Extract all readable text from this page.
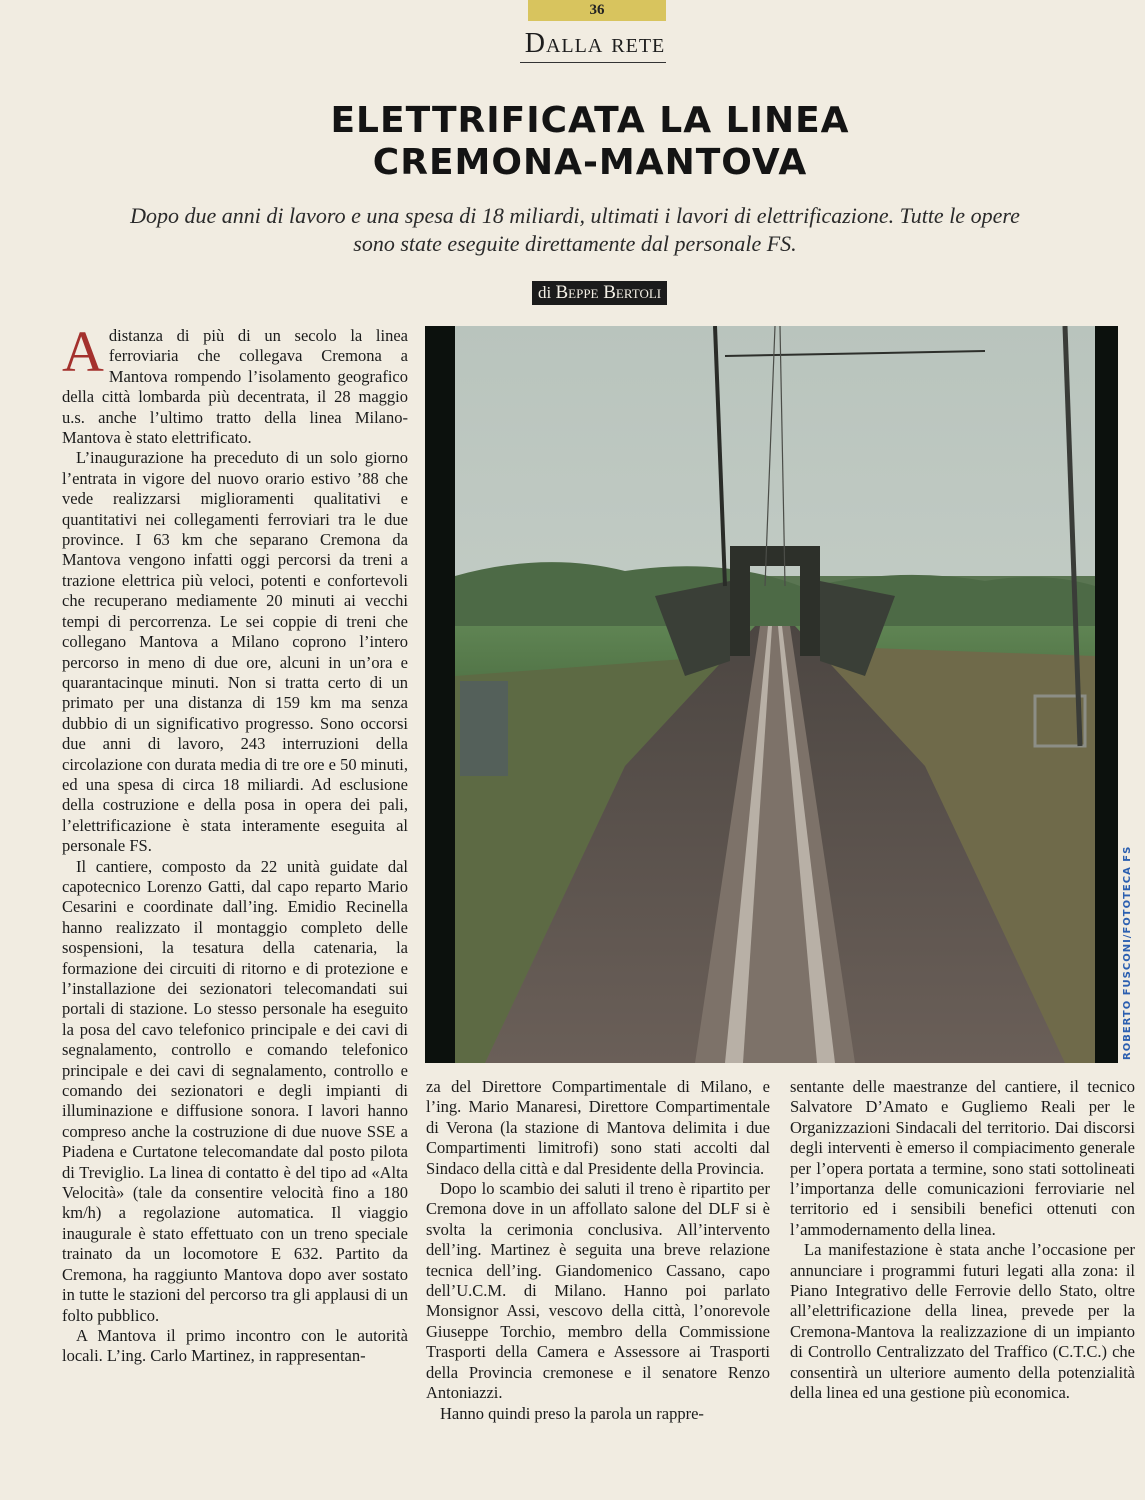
36
Dalla rete
ELETTRIFICATA LA LINEA
CREMONA-MANTOVA
Dopo due anni di lavoro e una spesa di 18 miliardi, ultimati i lavori di elettrificazione. Tutte le opere sono state eseguite direttamente dal personale FS.
di Beppe Bertoli

Adistanza di più di un secolo la linea ferroviaria che collegava Cremona a Mantova rompendo l’isolamento geografico della città lombarda più decentrata, il 28 maggio u.s. anche l’ultimo tratto della linea Milano-Mantova è stato elettrificato.

L’inaugurazione ha preceduto di un solo giorno l’entrata in vigore del nuovo orario estivo ’88 che vede realizzarsi miglioramenti qualitativi e quantitativi nei collegamenti ferroviari tra le due province. I 63 km che separano Cremona da Mantova vengono infatti oggi percorsi da treni a trazione elettrica più veloci, potenti e confortevoli che recuperano mediamente 20 minuti ai vecchi tempi di percorrenza. Le sei coppie di treni che collegano Mantova a Milano coprono l’intero percorso in meno di due ore, alcuni in un’ora e quarantacinque minuti. Non si tratta certo di un primato per una distanza di 159 km ma senza dubbio di un significativo progresso. Sono occorsi due anni di lavoro, 243 interruzioni della circolazione con durata media di tre ore e 50 minuti, ed una spesa di circa 18 miliardi. Ad esclusione della costruzione e della posa in opera dei pali, l’elettrificazione è stata interamente eseguita al personale FS.

Il cantiere, composto da 22 unità guidate dal capotecnico Lorenzo Gatti, dal capo reparto Mario Cesarini e coordinate dall’ing. Emidio Recinella hanno realizzato il montaggio completo delle sospensioni, la tesatura della catenaria, la formazione dei circuiti di ritorno e di protezione e l’installazione dei sezionatori telecomandati sui portali di stazione. Lo stesso personale ha eseguito la posa del cavo telefonico principale e dei cavi di segnalamento, controllo e comando telefonico principale e dei cavi di segnalamento, controllo e comando dei sezionatori e degli impianti di illuminazione e diffusione sonora. I lavori hanno compreso anche la costruzione di due nuove SSE a Piadena e Curtatone telecomandate dal posto pilota di Treviglio. La linea di contatto è del tipo ad «Alta Velocità» (tale da consentire velocità fino a 180 km/h) a regolazione automatica. Il viaggio inaugurale è stato effettuato con un treno speciale trainato da un locomotore E 632. Partito da Cremona, ha raggiunto Mantova dopo aver sostato in tutte le stazioni del percorso tra gli applausi di un folto pubblico.

A Mantova il primo incontro con le autorità locali. L’ing. Carlo Martinez, in rappresentan-

ROBERTO FUSCONI/FOTOTECA FS

za del Direttore Compartimentale di Milano, e l’ing. Mario Manaresi, Direttore Compartimentale di Verona (la stazione di Mantova delimita i due Compartimenti limitrofi) sono stati accolti dal Sindaco della città e dal Presidente della Provincia.

Dopo lo scambio dei saluti il treno è ripartito per Cremona dove in un affollato salone del DLF si è svolta la cerimonia conclusiva. All’intervento dell’ing. Martinez è seguita una breve relazione tecnica dell’ing. Giandomenico Cassano, capo dell’U.C.M. di Milano. Hanno poi parlato Monsignor Assi, vescovo della città, l’onorevole Giuseppe Torchio, membro della Commissione Trasporti della Camera e Assessore ai Trasporti della Provincia cremonese e il senatore Renzo Antoniazzi.

Hanno quindi preso la parola un rappre-

sentante delle maestranze del cantiere, il tecnico Salvatore D’Amato e Gugliemo Reali per le Organizzazioni Sindacali del territorio. Dai discorsi degli interventi è emerso il compiacimento generale per l’opera portata a termine, sono stati sottolineati l’importanza delle comunicazioni ferroviarie nel territorio ed i sensibili benefici ottenuti con l’ammodernamento della linea.

La manifestazione è stata anche l’occasione per annunciare i programmi futuri legati alla zona: il Piano Integrativo delle Ferrovie dello Stato, oltre all’elettrificazione della linea, prevede per la Cremona-Mantova la realizzazione di un impianto di Controllo Centralizzato del Traffico (C.T.C.) che consentirà un ulteriore aumento della potenzialità della linea ed una gestione più economica.
